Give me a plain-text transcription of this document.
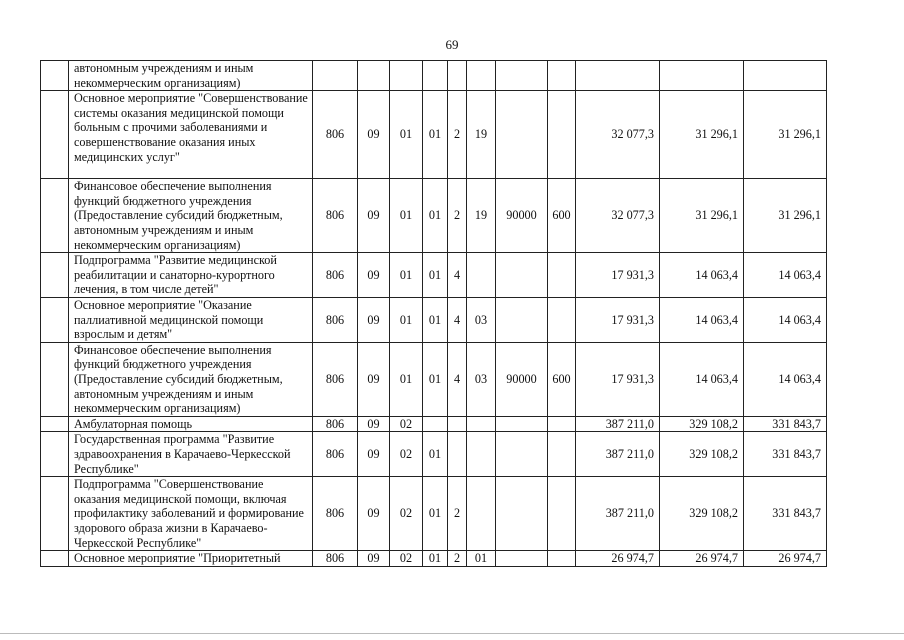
69
	автономным учреждениям и иным некоммерческим организациям)											
	Основное мероприятие "Совершенствование системы оказания медицинской помощи больным с прочими заболеваниями и совершенствование оказания иных медицинских услуг"	806	09	01	01	2	19			32 077,3	31 296,1	31 296,1
	Финансовое обеспечение выполнения функций бюджетного учреждения (Предоставление субсидий бюджетным, автономным учреждениям и иным некоммерческим организациям)	806	09	01	01	2	19	90000	600	32 077,3	31 296,1	31 296,1
	Подпрограмма "Развитие медицинской реабилитации и санаторно-курортного лечения, в том числе детей"	806	09	01	01	4				17 931,3	14 063,4	14 063,4
	Основное мероприятие "Оказание паллиативной медицинской помощи взрослым и детям"	806	09	01	01	4	03			17 931,3	14 063,4	14 063,4
	Финансовое обеспечение выполнения функций бюджетного учреждения (Предоставление субсидий бюджетным, автономным учреждениям и иным некоммерческим организациям)	806	09	01	01	4	03	90000	600	17 931,3	14 063,4	14 063,4
	Амбулаторная помощь	806	09	02						387 211,0	329 108,2	331 843,7
	Государственная программа "Развитие здравоохранения в Карачаево-Черкесской Республике"	806	09	02	01					387 211,0	329 108,2	331 843,7
	Подпрограмма "Совершенствование оказания медицинской помощи, включая профилактику заболеваний и формирование здорового образа жизни в Карачаево-Черкесской Республике"	806	09	02	01	2				387 211,0	329 108,2	331 843,7
	Основное мероприятие "Приоритетный	806	09	02	01	2	01			26 974,7	26 974,7	26 974,7
